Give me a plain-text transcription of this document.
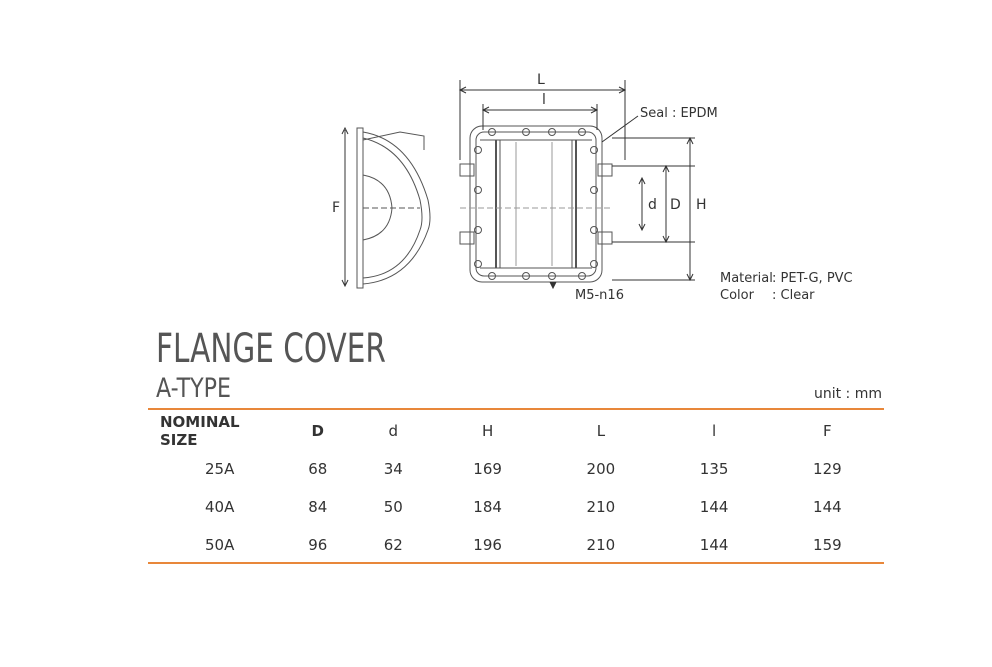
L
l
F	d D H
Seal : EPDM
M5-n16
Material: PET-G, PVC
Color : Clear
FLANGE COVER
A-TYPE	unit : mm
NOMINAL SIZE	D	d	H	L	l	F
25A	68	34	169	200	135	129
40A	84	50	184	210	144	144
50A	96	62	196	210	144	159
